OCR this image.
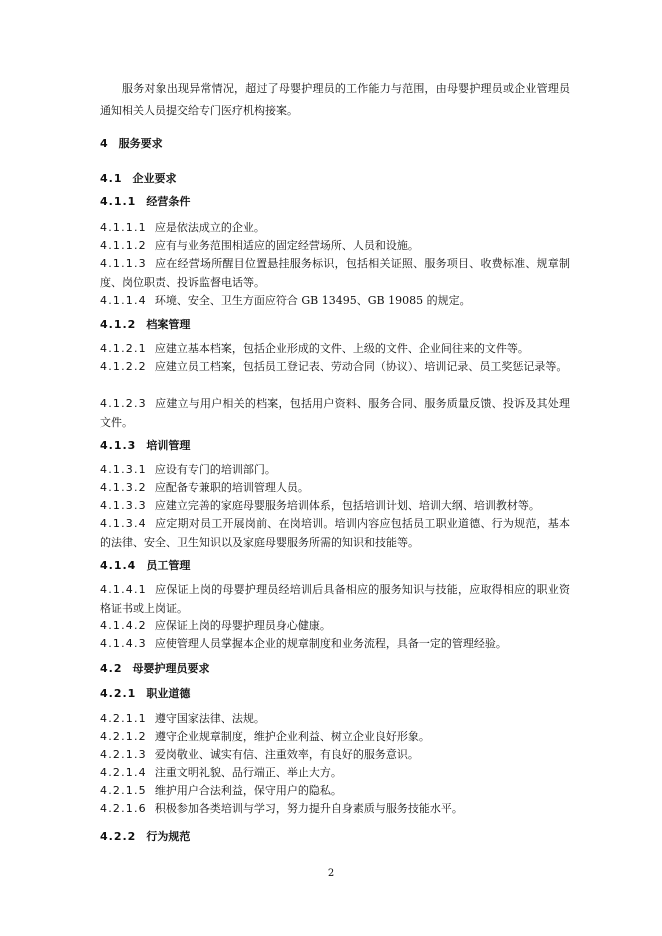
服务对象出现异常情况，超过了母婴护理员的工作能力与范围，由母婴护理员或企业管理员通知相关人员提交给专门医疗机构接案。
4 服务要求
4.1 企业要求
4.1.1 经营条件
4.1.1.1 应是依法成立的企业。
4.1.1.2 应有与业务范围相适应的固定经营场所、人员和设施。
4.1.1.3 应在经营场所醒目位置悬挂服务标识，包括相关证照、服务项目、收费标准、规章制度、岗位职责、投诉监督电话等。
4.1.1.4 环境、安全、卫生方面应符合 GB 13495、GB 19085 的规定。
4.1.2 档案管理
4.1.2.1 应建立基本档案，包括企业形成的文件、上级的文件、企业间往来的文件等。
4.1.2.2 应建立员工档案，包括员工登记表、劳动合同（协议）、培训记录、员工奖惩记录等。
4.1.2.3 应建立与用户相关的档案，包括用户资料、服务合同、服务质量反馈、投诉及其处理文件。
4.1.3 培训管理
4.1.3.1 应设有专门的培训部门。
4.1.3.2 应配备专兼职的培训管理人员。
4.1.3.3 应建立完善的家庭母婴服务培训体系，包括培训计划、培训大纲、培训教材等。
4.1.3.4 应定期对员工开展岗前、在岗培训。培训内容应包括员工职业道德、行为规范，基本的法律、安全、卫生知识以及家庭母婴服务所需的知识和技能等。
4.1.4 员工管理
4.1.4.1 应保证上岗的母婴护理员经培训后具备相应的服务知识与技能，应取得相应的职业资格证书或上岗证。
4.1.4.2 应保证上岗的母婴护理员身心健康。
4.1.4.3 应使管理人员掌握本企业的规章制度和业务流程，具备一定的管理经验。
4.2 母婴护理员要求
4.2.1 职业道德
4.2.1.1 遵守国家法律、法规。
4.2.1.2 遵守企业规章制度，维护企业利益、树立企业良好形象。
4.2.1.3 爱岗敬业、诚实有信、注重效率，有良好的服务意识。
4.2.1.4 注重文明礼貌、品行端正、举止大方。
4.2.1.5 维护用户合法利益，保守用户的隐私。
4.2.1.6 积极参加各类培训与学习，努力提升自身素质与服务技能水平。
4.2.2 行为规范
2
